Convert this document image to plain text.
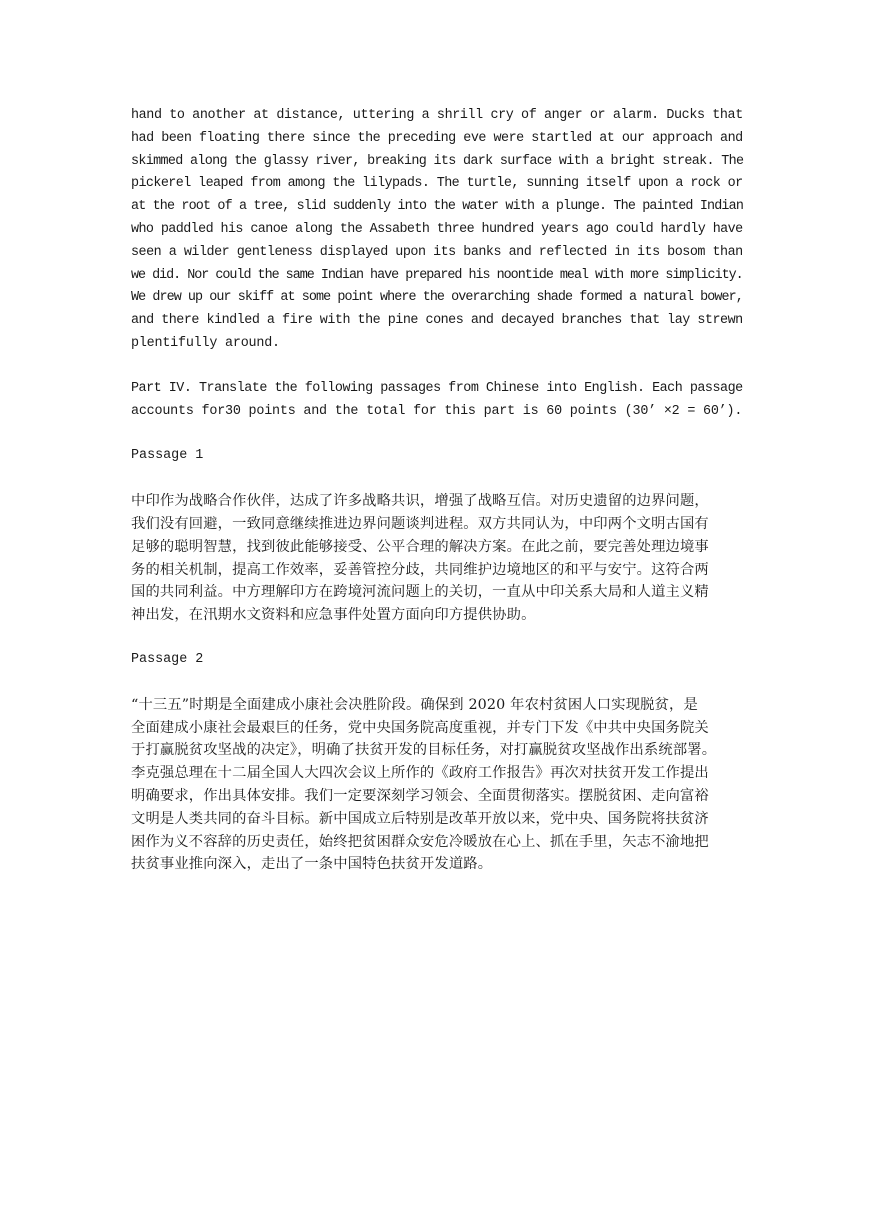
hand to another at distance, uttering a shrill cry of anger or alarm. Ducks that
had been floating there since the preceding eve were startled at our approach and
skimmed along the glassy river, breaking its dark surface with a bright streak. The
pickerel leaped from among the lilypads. The turtle, sunning itself upon a rock or
at the root of a tree, slid suddenly into the water with a plunge. The painted Indian
who paddled his canoe along the Assabeth three hundred years ago could hardly have
seen a wilder gentleness displayed upon its banks and reflected in its bosom than
we did. Nor could the same Indian have prepared his noontide meal with more simplicity.
We drew up our skiff at some point where the overarching shade formed a natural bower,
and there kindled a fire with the pine cones and decayed branches that lay strewn
plentifully around.
Part IV. Translate the following passages from Chinese into English. Each passage
accounts for30 points and the total for this part is 60 points (30’ ×2 = 60’).
Passage 1
中印作为战略合作伙伴，达成了许多战略共识，增强了战略互信。对历史遗留的边界问题，
我们没有回避，一致同意继续推进边界问题谈判进程。双方共同认为，中印两个文明古国有
足够的聪明智慧，找到彼此能够接受、公平合理的解决方案。在此之前，要完善处理边境事
务的相关机制，提高工作效率，妥善管控分歧，共同维护边境地区的和平与安宁。这符合两
国的共同利益。中方理解印方在跨境河流问题上的关切，一直从中印关系大局和人道主义精
神出发，在汛期水文资料和应急事件处置方面向印方提供协助。
Passage 2
“十三五”时期是全面建成小康社会决胜阶段。确保到 2020 年农村贫困人口实现脱贫，是
全面建成小康社会最艰巨的任务，党中央国务院高度重视，并专门下发《中共中央国务院关
于打赢脱贫攻坚战的决定》，明确了扶贫开发的目标任务，对打赢脱贫攻坚战作出系统部署。
李克强总理在十二届全国人大四次会议上所作的《政府工作报告》再次对扶贫开发工作提出
明确要求，作出具体安排。我们一定要深刻学习领会、全面贯彻落实。摆脱贫困、走向富裕
文明是人类共同的奋斗目标。新中国成立后特别是改革开放以来，党中央、国务院将扶贫济
困作为义不容辞的历史责任，始终把贫困群众安危冷暖放在心上、抓在手里，矢志不渝地把
扶贫事业推向深入，走出了一条中国特色扶贫开发道路。
